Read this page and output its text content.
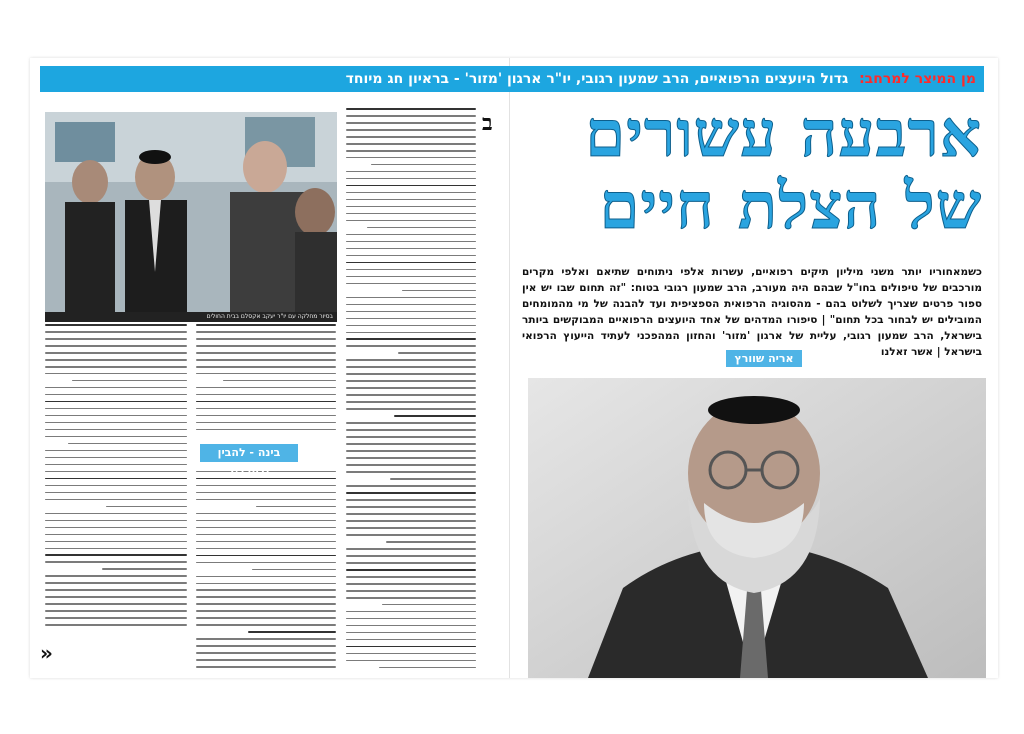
מן המיצר למרחב: גדול היועצים הרפואיים, הרב שמעון רגובי, יו"ר ארגון 'מזור' - בראיון חג מיוחד
ארבעה עשורים
של הצלת חיים
כשמאחוריו יותר משני מיליון תיקים רפואיים, עשרות אלפי ניתוחים שתיאם ואלפי מקרים מורכבים של טיפולים בחו"ל שבהם היה מעורב, הרב שמעון רגובי בטוח: "זה תחום שבו יש אין ספור פרטים שצריך לשלוט בהם - מהסוגיה הרפואית הספציפית ועד להבנה של מי מהמומחים המובילים יש לבחור בכל תחום" | סיפורו המדהים של אחד היועצים הרפואיים המבוקשים ביותר בישראל, הרב שמעון רגובי, עליית של ארגון 'מזור' והחזון המהפכני לעתיד הייעוץ הרפואי בישראל | אשר זאלנו
אריה שוורץ
ב
בסיור מחלקה עם יו"ר יעקב אקסלם בבית החולים
בינה - להבין ולהבדיל
«
